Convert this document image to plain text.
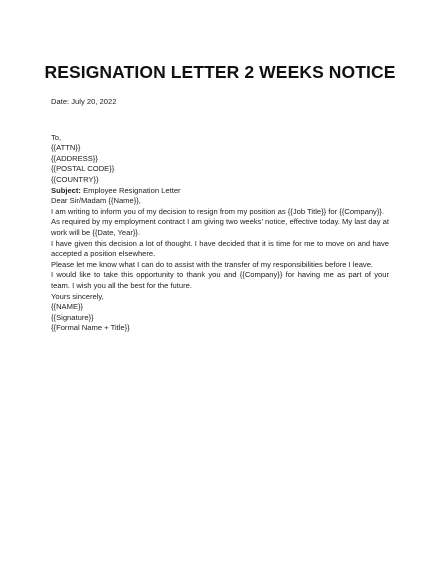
RESIGNATION LETTER 2 WEEKS NOTICE

Date: July 20, 2022

To,

{{ATTN}}

{{ADDRESS}}

{{POSTAL CODE}}

{{COUNTRY}}

Subject: Employee Resignation Letter

Dear Sir/Madam {{Name}},

I am writing to inform you of my decision to resign from my position as {{Job Title}} for {{Company}}.

As required by my employment contract I am giving two weeks’ notice, effective today. My last day at work will be {{Date, Year}}.

I have given this decision a lot of thought. I have decided that it is time for me to move on and have accepted a position elsewhere.

Please let me know what I can do to assist with the transfer of my responsibilities before I leave.

I would like to take this opportunity to thank you and {{Company}} for having me as part of your team. I wish you all the best for the future.

Yours sincerely,

{{NAME}}

{{Signature}}

{{Formal Name + Title}}
